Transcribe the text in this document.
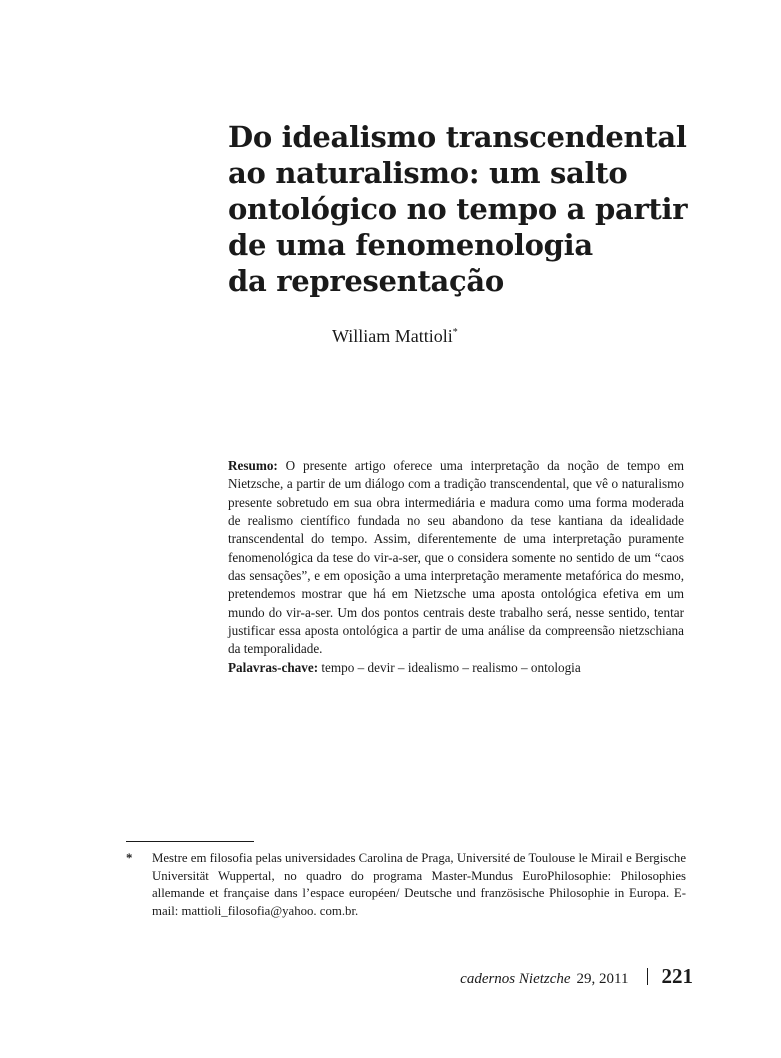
Do idealismo transcendental
ao naturalismo: um salto
ontológico no tempo a partir
de uma fenomenologia
da representação
William Mattioli*

Resumo: O presente artigo oferece uma interpretação da noção de tempo em Nietzsche, a partir de um diálogo com a tradição transcendental, que vê o naturalismo presente sobretudo em sua obra intermediária e madura como uma forma moderada de realismo científico fundada no seu abandono da tese kantiana da idealidade transcendental do tempo. Assim, diferentemente de uma interpretação puramente fenomenológica da tese do vir-a-ser, que o considera somente no sentido de um “caos das sensações”, e em oposição a uma interpretação meramente metafórica do mesmo, pretendemos mostrar que há em Nietzsche uma aposta ontológica efetiva em um mundo do vir-a-ser. Um dos pontos centrais deste trabalho será, nesse sentido, tentar justificar essa aposta ontológica a partir de uma análise da compreensão nietzschiana da temporalidade.

Palavras-chave: tempo – devir – idealismo – realismo – ontologia

* Mestre em filosofia pelas universidades Carolina de Praga, Université de Toulouse le Mirail e Bergische Universität Wuppertal, no quadro do programa Master-Mundus EuroPhilosophie: Philosophies allemande et française dans l’espace européen/ Deutsche und französische Philosophie in Europa. E-mail: mattioli_filosofia@yahoo. com.br.
cadernos Nietzche 29, 2011 221
